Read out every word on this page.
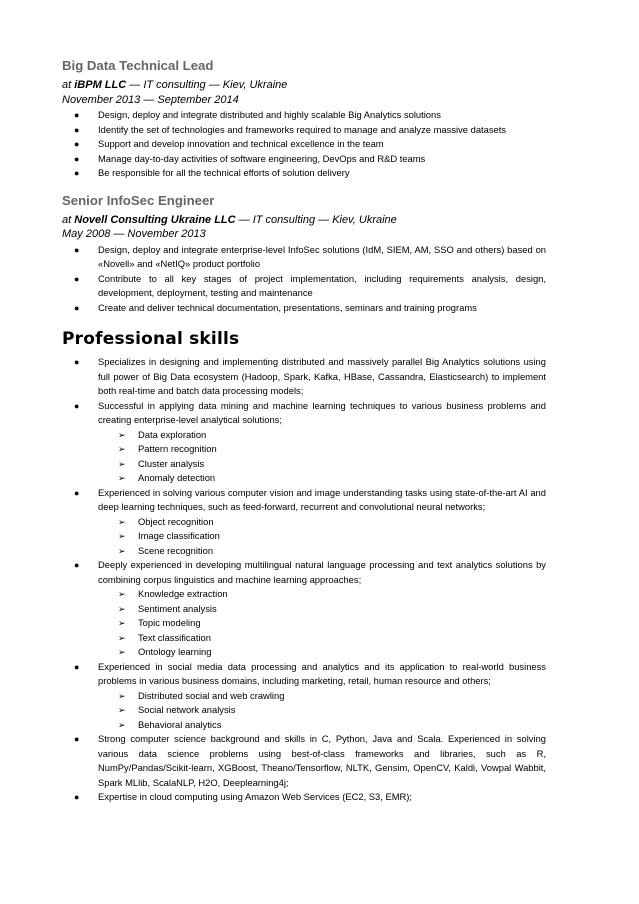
Big Data Technical Lead
at iBPM LLC — IT consulting — Kiev, Ukraine
November 2013 — September 2014
● Design, deploy and integrate distributed and highly scalable Big Analytics solutions
● Identify the set of technologies and frameworks required to manage and analyze massive datasets
● Support and develop innovation and technical excellence in the team
● Manage day-to-day activities of software engineering, DevOps and R&D teams
● Be responsible for all the technical efforts of solution delivery
Senior InfoSec Engineer
at Novell Consulting Ukraine LLC — IT consulting — Kiev, Ukraine
May 2008 — November 2013
● Design, deploy and integrate enterprise-level InfoSec solutions (IdM, SIEM, AM, SSO and others) based on «Novell» and «NetIQ» product portfolio
● Contribute to all key stages of project implementation, including requirements analysis, design, development, deployment, testing and maintenance
● Create and deliver technical documentation, presentations, seminars and training programs
Professional skills
● Specializes in designing and implementing distributed and massively parallel Big Analytics solutions using full power of Big Data ecosystem (Hadoop, Spark, Kafka, HBase, Cassandra, Elasticsearch) to implement both real-time and batch data processing models;
● Successful in applying data mining and machine learning techniques to various business problems and creating enterprise-level analytical solutions;
➢ Data exploration
➢ Pattern recognition
➢ Cluster analysis
➢ Anomaly detection
● Experienced in solving various computer vision and image understanding tasks using state-of-the-art AI and deep learning techniques, such as feed-forward, recurrent and convolutional neural networks;
➢ Object recognition
➢ Image classification
➢ Scene recognition
● Deeply experienced in developing multilingual natural language processing and text analytics solutions by combining corpus linguistics and machine learning approaches;
➢ Knowledge extraction
➢ Sentiment analysis
➢ Topic modeling
➢ Text classification
➢ Ontology learning
● Experienced in social media data processing and analytics and its application to real-world business problems in various business domains, including marketing, retail, human resource and others;
➢ Distributed social and web crawling
➢ Social network analysis
➢ Behavioral analytics
● Strong computer science background and skills in C, Python, Java and Scala. Experienced in solving various data science problems using best-of-class frameworks and libraries, such as R, NumPy/Pandas/Scikit-learn, XGBoost, Theano/Tensorflow, NLTK, Gensim, OpenCV, Kaldi, Vowpal Wabbit, Spark MLlib, ScalaNLP, H2O, Deeplearning4j;
● Expertise in cloud computing using Amazon Web Services (EC2, S3, EMR);
